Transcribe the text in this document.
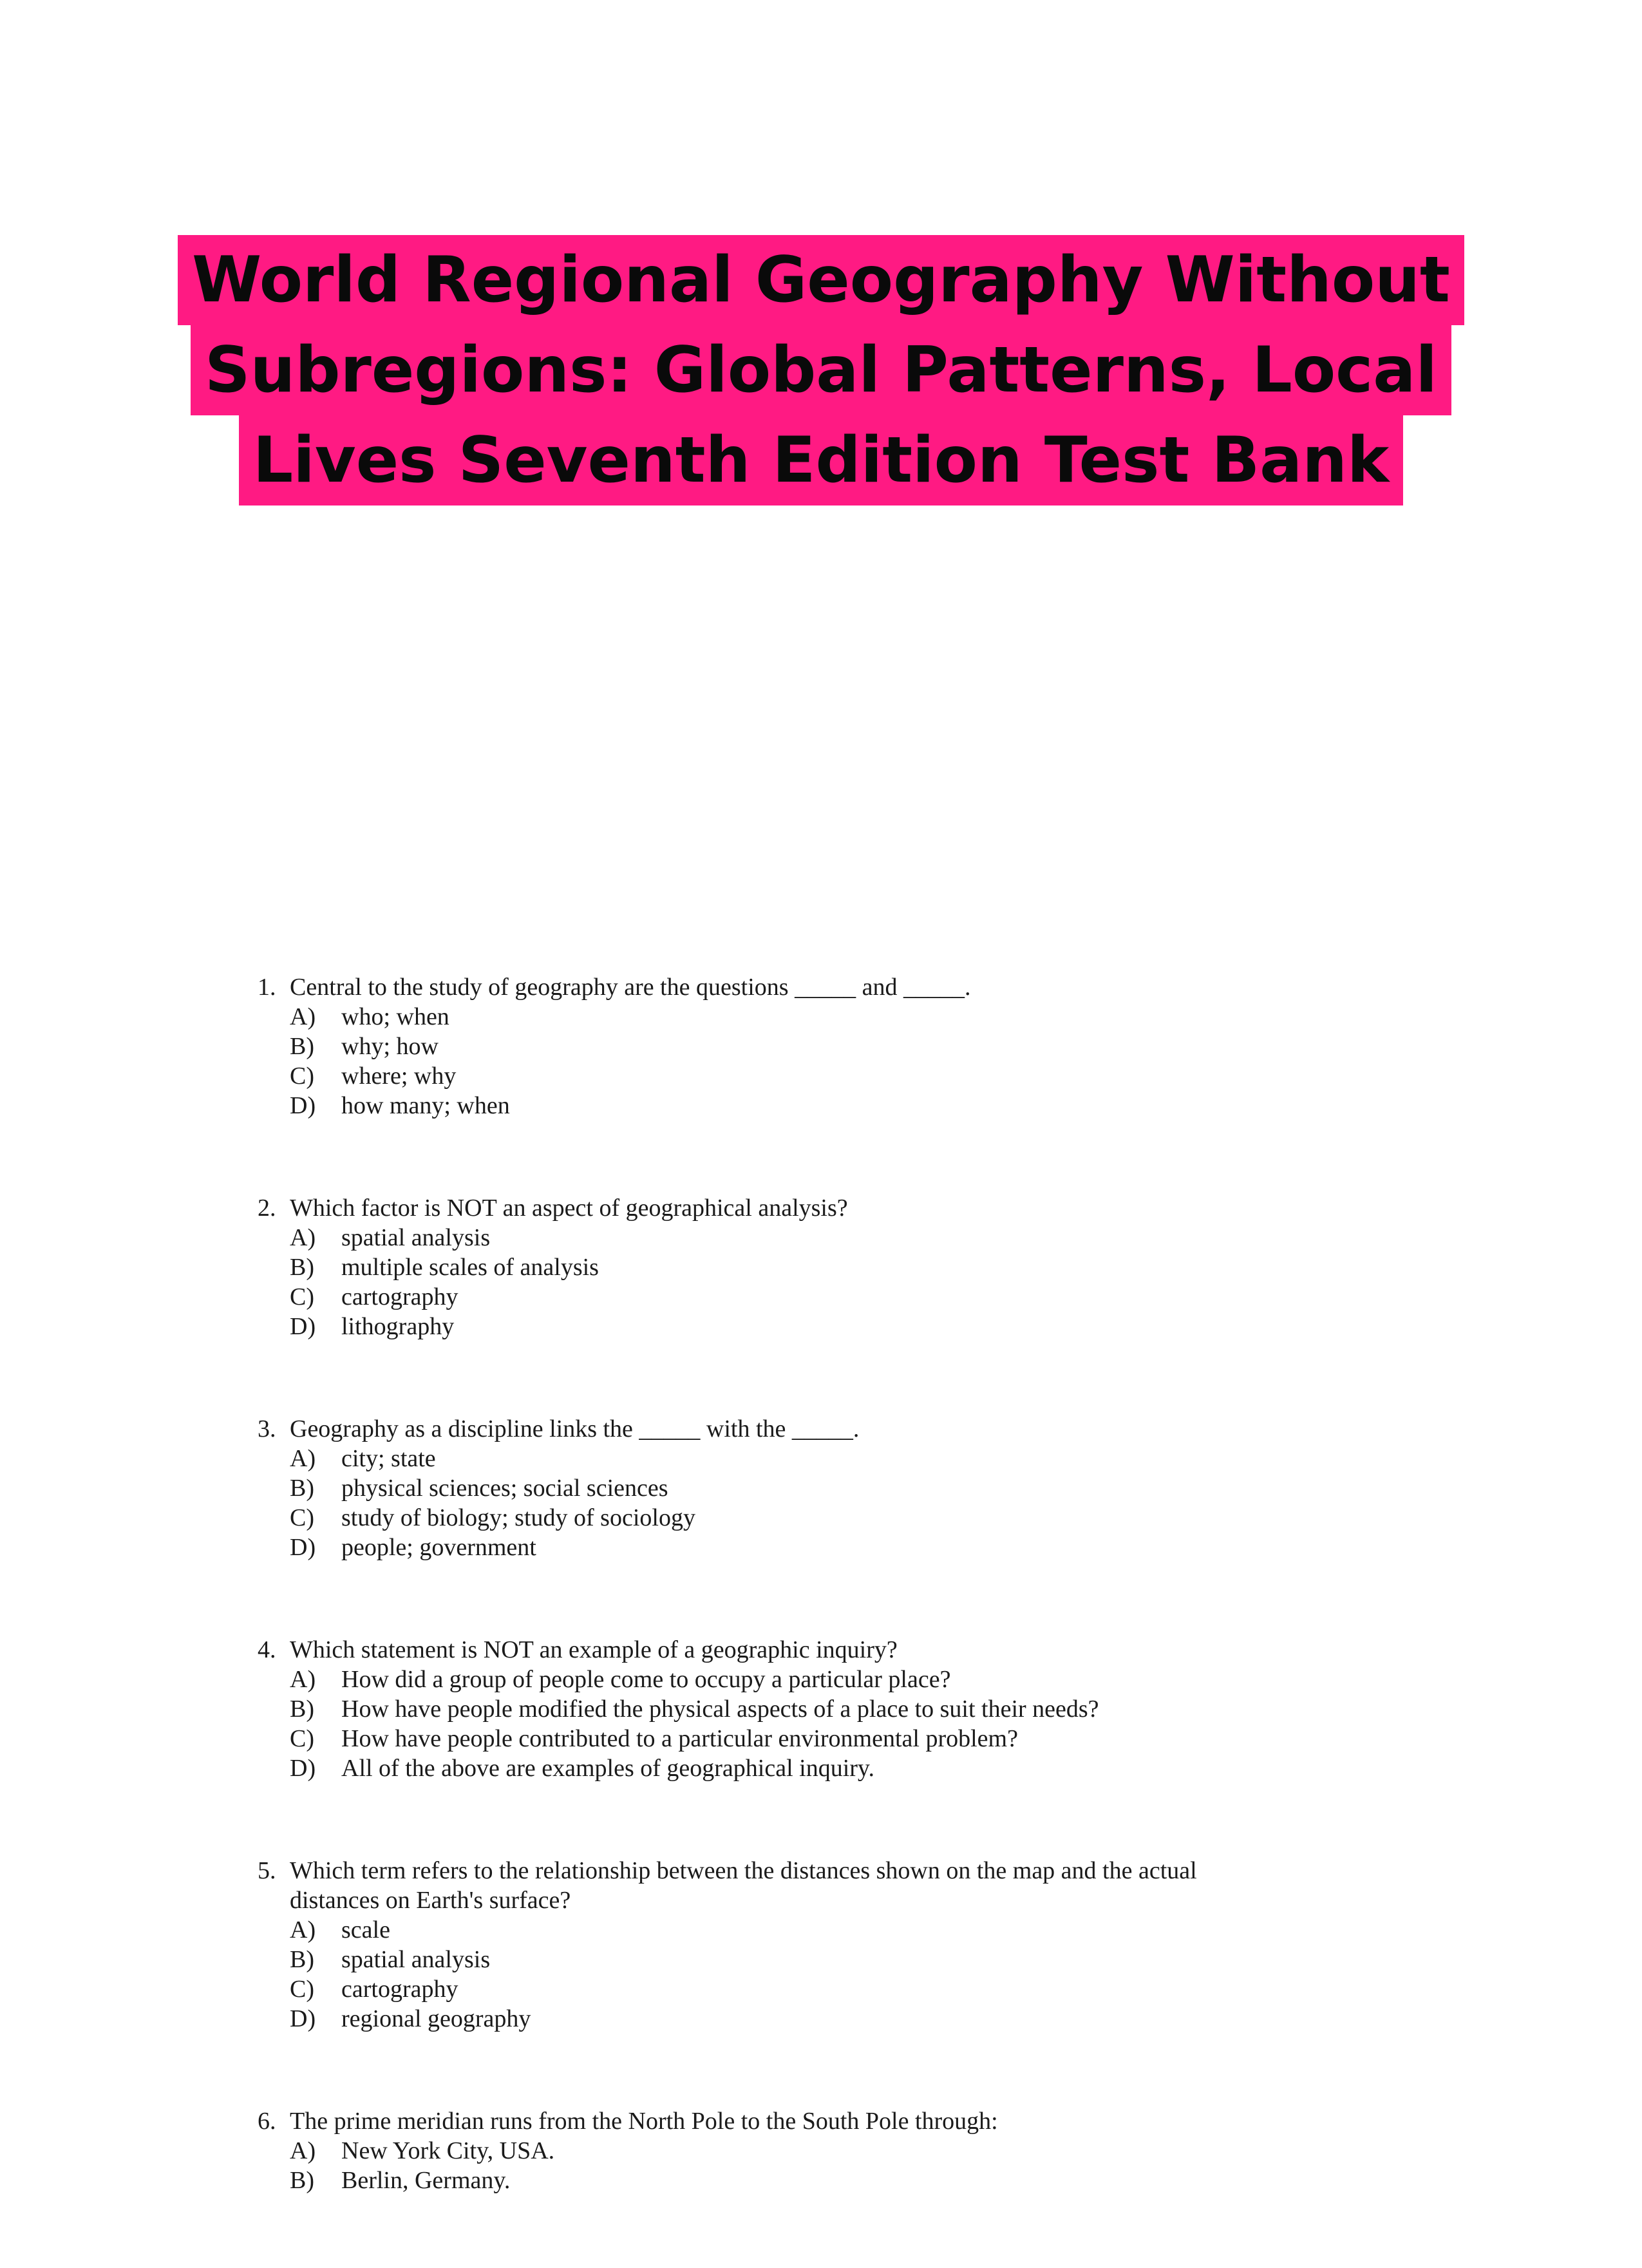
World Regional Geography Without
Subregions: Global Patterns, Local
Lives Seventh Edition Test Bank
1. Central to the study of geography are the questions _____ and _____.
A)	who; when
B)	why; how
C)	where; why
D)	how many; when
2. Which factor is NOT an aspect of geographical analysis?
A)	spatial analysis
B)	multiple scales of analysis
C)	cartography
D)	lithography
3. Geography as a discipline links the _____ with the _____.
A)	city; state
B)	physical sciences; social sciences
C)	study of biology; study of sociology
D)	people; government
4. Which statement is NOT an example of a geographic inquiry?
A)	How did a group of people come to occupy a particular place?
B)	How have people modified the physical aspects of a place to suit their needs?
C)	How have people contributed to a particular environmental problem?
D)	All of the above are examples of geographical inquiry.
5. Which term refers to the relationship between the distances shown on the map and the actual distances on Earth's surface?
A)	scale
B)	spatial analysis
C)	cartography
D)	regional geography
6. The prime meridian runs from the North Pole to the South Pole through:
A)	New York City, USA.
B)	Berlin, Germany.
